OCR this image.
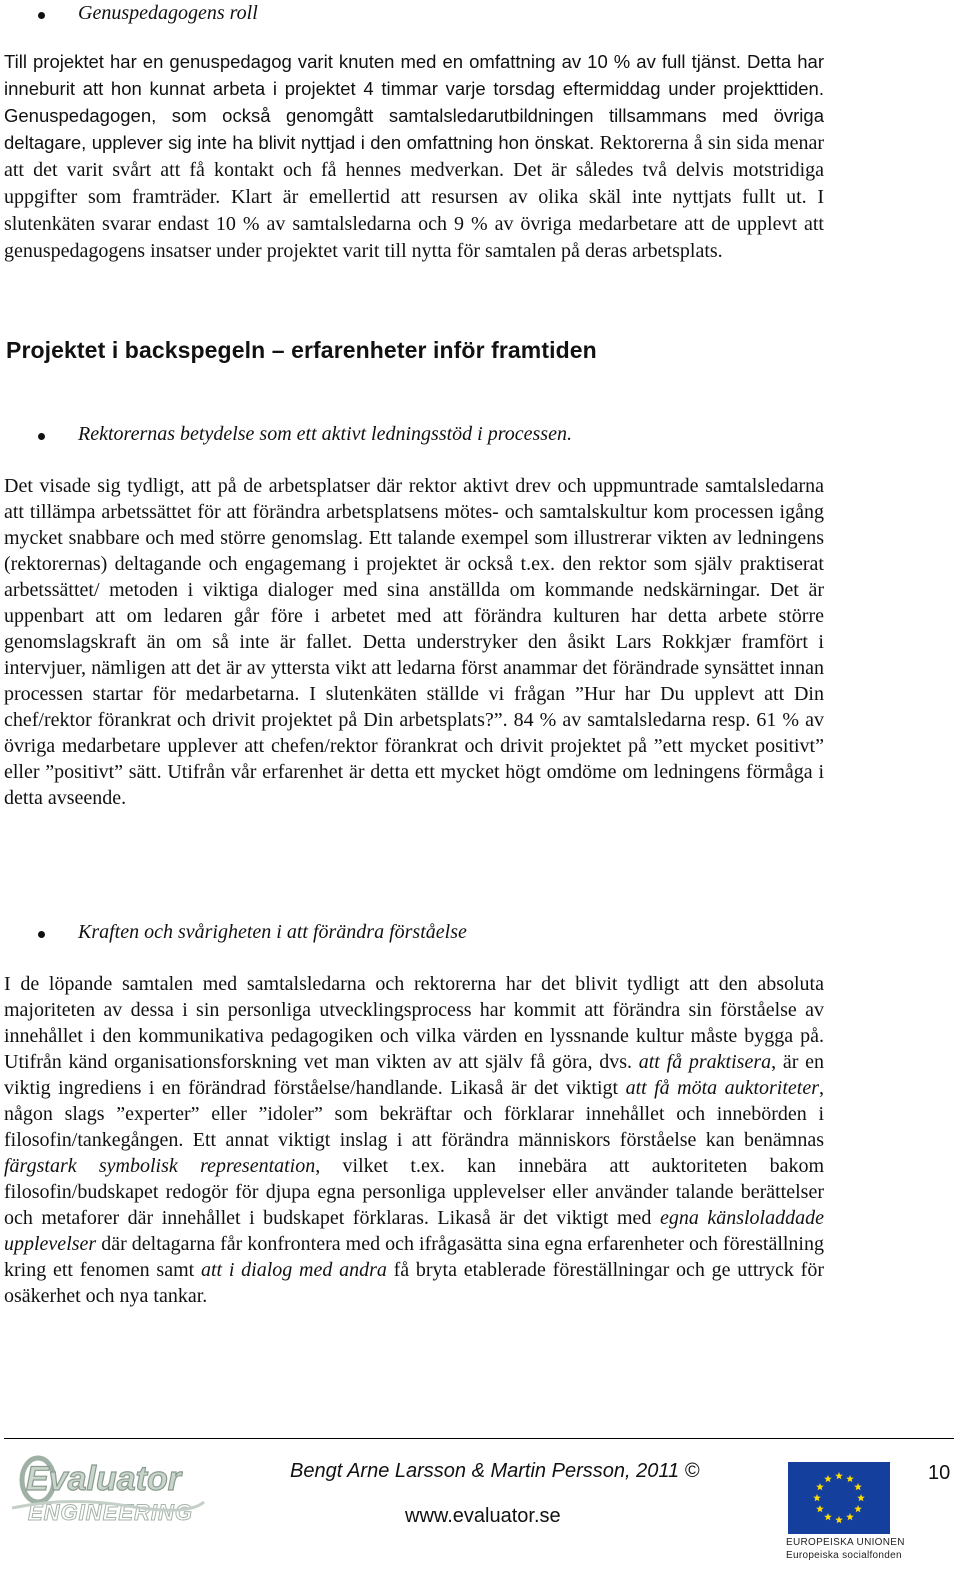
Genuspedagogens roll

Till projektet har en genuspedagog varit knuten med en omfattning av 10 % av full tjänst. Detta har inneburit att hon kunnat arbeta i projektet 4 timmar varje torsdag eftermiddag under projekttiden. Genuspedagogen, som också genomgått samtalsledarutbildningen tillsammans med övriga deltagare, upplever sig inte ha blivit nyttjad i den omfattning hon önskat. Rektorerna å sin sida menar att det varit svårt att få kontakt och få hennes medverkan. Det är således två delvis motstridiga uppgifter som framträder. Klart är emellertid att resursen av olika skäl inte nyttjats fullt ut. I slutenkäten svarar endast 10 % av samtalsledarna och 9 % av övriga medarbetare att de upplevt att genuspedagogens insatser under projektet varit till nytta för samtalen på deras arbetsplats.

Projektet i backspegeln – erfarenheter inför framtiden
Rektorernas betydelse som ett aktivt ledningsstöd i processen.

Det visade sig tydligt, att på de arbetsplatser där rektor aktivt drev och uppmuntrade samtalsledarna att tillämpa arbetssättet för att förändra arbetsplatsens mötes- och samtalskultur kom processen igång mycket snabbare och med större genomslag. Ett talande exempel som illustrerar vikten av ledningens (rektorernas) deltagande och engagemang i projektet är också t.ex. den rektor som själv praktiserat arbetssättet/ metoden i viktiga dialoger med sina anställda om kommande nedskärningar. Det är uppenbart att om ledaren går före i arbetet med att förändra kulturen har detta arbete större genomslagskraft än om så inte är fallet. Detta understryker den åsikt Lars Rokkjær framfört i intervjuer, nämligen att det är av yttersta vikt att ledarna först anammar det förändrade synsättet innan processen startar för medarbetarna. I slutenkäten ställde vi frågan ”Hur har Du upplevt att Din chef/rektor förankrat och drivit projektet på Din arbetsplats?”. 84 % av samtalsledarna resp. 61 % av övriga medarbetare upplever att chefen/rektor förankrat och drivit projektet på ”ett mycket positivt” eller ”positivt” sätt. Utifrån vår erfarenhet är detta ett mycket högt omdöme om ledningens förmåga i detta avseende.

Kraften och svårigheten i att förändra förståelse

I de löpande samtalen med samtalsledarna och rektorerna har det blivit tydligt att den absoluta majoriteten av dessa i sin personliga utvecklingsprocess har kommit att förändra sin förståelse av innehållet i den kommunikativa pedagogiken och vilka värden en lyssnande kultur måste bygga på. Utifrån känd organisationsforskning vet man vikten av att själv få göra, dvs. att få praktisera, är en viktig ingrediens i en förändrad förståelse/handlande. Likaså är det viktigt att få möta auktoriteter, någon slags ”experter” eller ”idoler” som bekräftar och förklarar innehållet och innebörden i filosofin/tankegången. Ett annat viktigt inslag i att förändra människors förståelse kan benämnas färgstark symbolisk representation, vilket t.ex. kan innebära att auktoriteten bakom filosofin/budskapet redogör för djupa egna personliga upplevelser eller använder talande berättelser och metaforer där innehållet i budskapet förklaras. Likaså är det viktigt med egna känsloladdade upplevelser där deltagarna får konfrontera med och ifrågasätta sina egna erfarenheter och föreställning kring ett fenomen samt att i dialog med andra få bryta etablerade föreställningar och ge uttryck för osäkerhet och nya tankar.

Evaluator
ENGINEERING
Bengt Arne Larsson & Martin Persson, 2011 ©
www.evaluator.se
10
EUROPEISKA UNIONEN
Europeiska socialfonden
